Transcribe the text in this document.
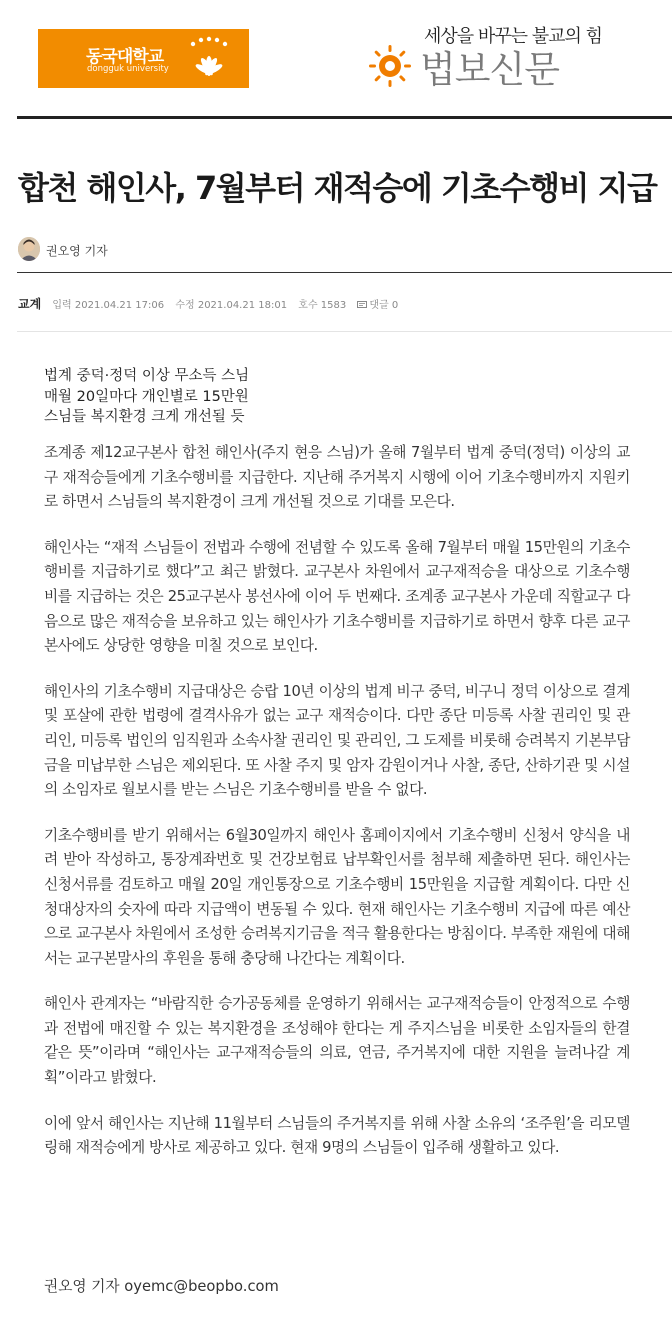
동국대학교
dongguk university
세상을 바꾸는 불교의 힘
법보신문
합천 해인사, 7월부터 재적승에 기초수행비 지급
권오영 기자
교계 입력 2021.04.21 17:06 수정 2021.04.21 18:01 호수 1583 댓글 0
법계 중덕·정덕 이상 무소득 스님
매월 20일마다 개인별로 15만원
스님들 복지환경 크게 개선될 듯

조계종 제12교구본사 합천 해인사(주지 현응 스님)가 올해 7월부터 법계 중덕(정덕) 이상의 교구 재적승들에게 기초수행비를 지급한다. 지난해 주거복지 시행에 이어 기초수행비까지 지원키로 하면서 스님들의 복지환경이 크게 개선될 것으로 기대를 모은다.

해인사는 “재적 스님들이 전법과 수행에 전념할 수 있도록 올해 7월부터 매월 15만원의 기초수행비를 지급하기로 했다”고 최근 밝혔다. 교구본사 차원에서 교구재적승을 대상으로 기초수행비를 지급하는 것은 25교구본사 봉선사에 이어 두 번째다. 조계종 교구본사 가운데 직할교구 다음으로 많은 재적승을 보유하고 있는 해인사가 기초수행비를 지급하기로 하면서 향후 다른 교구본사에도 상당한 영향을 미칠 것으로 보인다.

해인사의 기초수행비 지급대상은 승랍 10년 이상의 법계 비구 중덕, 비구니 정덕 이상으로 결계 및 포살에 관한 법령에 결격사유가 없는 교구 재적승이다. 다만 종단 미등록 사찰 권리인 및 관리인, 미등록 법인의 임직원과 소속사찰 권리인 및 관리인, 그 도제를 비롯해 승려복지 기본부담금을 미납부한 스님은 제외된다. 또 사찰 주지 및 암자 감원이거나 사찰, 종단, 산하기관 및 시설의 소임자로 월보시를 받는 스님은 기초수행비를 받을 수 없다.

기초수행비를 받기 위해서는 6월30일까지 해인사 홈페이지에서 기초수행비 신청서 양식을 내려 받아 작성하고, 통장계좌번호 및 건강보험료 납부확인서를 첨부해 제출하면 된다. 해인사는 신청서류를 검토하고 매월 20일 개인통장으로 기초수행비 15만원을 지급할 계획이다. 다만 신청대상자의 숫자에 따라 지급액이 변동될 수 있다. 현재 해인사는 기초수행비 지급에 따른 예산으로 교구본사 차원에서 조성한 승려복지기금을 적극 활용한다는 방침이다. 부족한 재원에 대해서는 교구본말사의 후원을 통해 충당해 나간다는 계획이다.

해인사 관계자는 “바람직한 승가공동체를 운영하기 위해서는 교구재적승들이 안정적으로 수행과 전법에 매진할 수 있는 복지환경을 조성해야 한다는 게 주지스님을 비롯한 소임자들의 한결 같은 뜻”이라며 “해인사는 교구재적승들의 의료, 연금, 주거복지에 대한 지원을 늘려나갈 계획”이라고 밝혔다.

이에 앞서 해인사는 지난해 11월부터 스님들의 주거복지를 위해 사찰 소유의 ‘조주원’을 리모델링해 재적승에게 방사로 제공하고 있다. 현재 9명의 스님들이 입주해 생활하고 있다.

권오영 기자 oyemc@beopbo.com
